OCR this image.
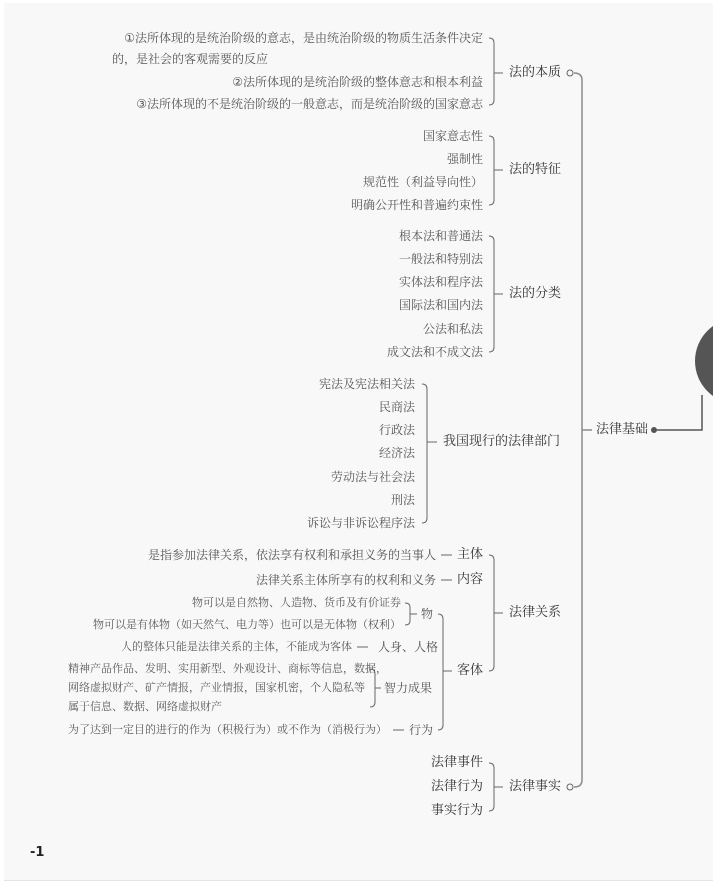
法律基础
法的本质
①法所体现的是统治阶级的意志，是由统治阶级的物质生活条件决定
的，是社会的客观需要的反应
②法所体现的是统治阶级的整体意志和根本利益
③法所体现的不是统治阶级的一般意志，而是统治阶级的国家意志
法的特征
国家意志性
强制性
规范性（利益导向性）
明确公开性和普遍约束性
法的分类
根本法和普通法
一般法和特别法
实体法和程序法
国际法和国内法
公法和私法
成文法和不成文法
我国现行的法律部门
宪法及宪法相关法
民商法
行政法
经济法
劳动法与社会法
刑法
诉讼与非诉讼程序法
法律关系
主体
是指参加法律关系，依法享有权利和承担义务的当事人
内容
法律关系主体所享有的权利和义务
客体
物
物可以是自然物、人造物、货币及有价证券
物可以是有体物（如天然气、电力等）也可以是无体物（权利）
人身、人格
人的整体只能是法律关系的主体，不能成为客体
智力成果
精神产品作品、发明、实用新型、外观设计、商标等信息，数据，
网络虚拟财产、矿产情报，产业情报，国家机密，个人隐私等
属于信息、数据、网络虚拟财产
行为
为了达到一定目的进行的作为（积极行为）或不作为（消极行为）
法律事实
法律事件
法律行为
事实行为
-1
